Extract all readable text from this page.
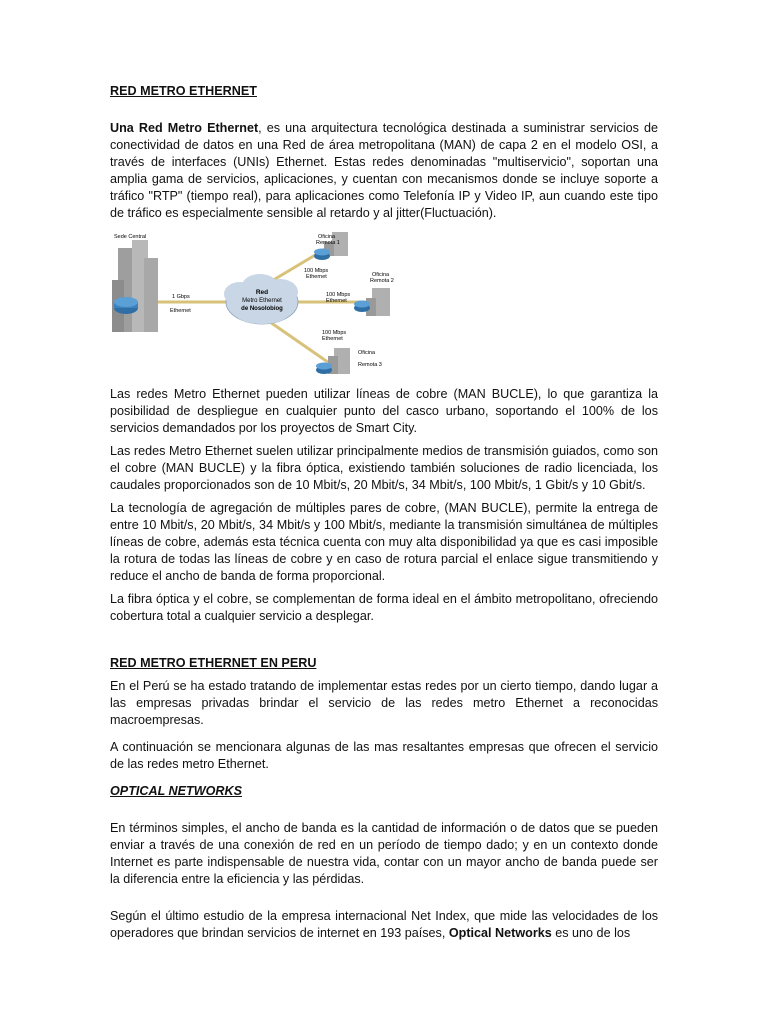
RED METRO ETHERNET

Una Red Metro Ethernet, es una arquitectura tecnológica destinada a suministrar servicios de conectividad de datos en una Red de área metropolitana (MAN) de capa 2 en el modelo OSI, a través de interfaces (UNIs) Ethernet. Estas redes denominadas "multiservicio", soportan una amplia gama de servicios, aplicaciones, y cuentan con mecanismos donde se incluye soporte a tráfico "RTP" (tiempo real), para aplicaciones como Telefonía IP y Video IP, aun cuando este tipo de tráfico es especialmente sensible al retardo y al jitter(Fluctuación).

Sede Central
Red
Metro Ethernet
de Nosolobiog
1 Gbps
Ethernet
Oficina
Remota 1
100 Mbps
Ethernet	Oficina
Remota 2
100 Mbps
Ethernet
Oficina
Remota 3
100 Mbps
Ethernet

Las redes Metro Ethernet pueden utilizar líneas de cobre (MAN BUCLE), lo que garantiza la posibilidad de despliegue en cualquier punto del casco urbano, soportando el 100% de los servicios demandados por los proyectos de Smart City.

Las redes Metro Ethernet suelen utilizar principalmente medios de transmisión guiados, como son el cobre (MAN BUCLE) y la fibra óptica, existiendo también soluciones de radio licenciada, los caudales proporcionados son de 10 Mbit/s, 20 Mbit/s, 34 Mbit/s, 100 Mbit/s, 1 Gbit/s y 10 Gbit/s.

La tecnología de agregación de múltiples pares de cobre, (MAN BUCLE), permite la entrega de entre 10 Mbit/s, 20 Mbit/s, 34 Mbit/s y 100 Mbit/s, mediante la transmisión simultánea de múltiples líneas de cobre, además esta técnica cuenta con muy alta disponibilidad ya que es casi imposible la rotura de todas las líneas de cobre y en caso de rotura parcial el enlace sigue transmitiendo y reduce el ancho de banda de forma proporcional.

La fibra óptica y el cobre, se complementan de forma ideal en el ámbito metropolitano, ofreciendo cobertura total a cualquier servicio a desplegar.

RED METRO ETHERNET EN PERU

En el Perú se ha estado tratando de implementar estas redes por un cierto tiempo, dando lugar a las empresas privadas brindar el servicio de las redes metro Ethernet a reconocidas macroempresas.

A continuación se mencionara algunas de las mas resaltantes empresas que ofrecen el servicio de las redes metro Ethernet.

OPTICAL NETWORKS

En términos simples, el ancho de banda es la cantidad de información o de datos que se pueden enviar a través de una conexión de red en un período de tiempo dado; y en un contexto donde Internet es parte indispensable de nuestra vida, contar con un mayor ancho de banda puede ser la diferencia entre la eficiencia y las pérdidas.

Según el último estudio de la empresa internacional Net Index, que mide las velocidades de los operadores que brindan servicios de internet en 193 países, Optical Networks es uno de los
